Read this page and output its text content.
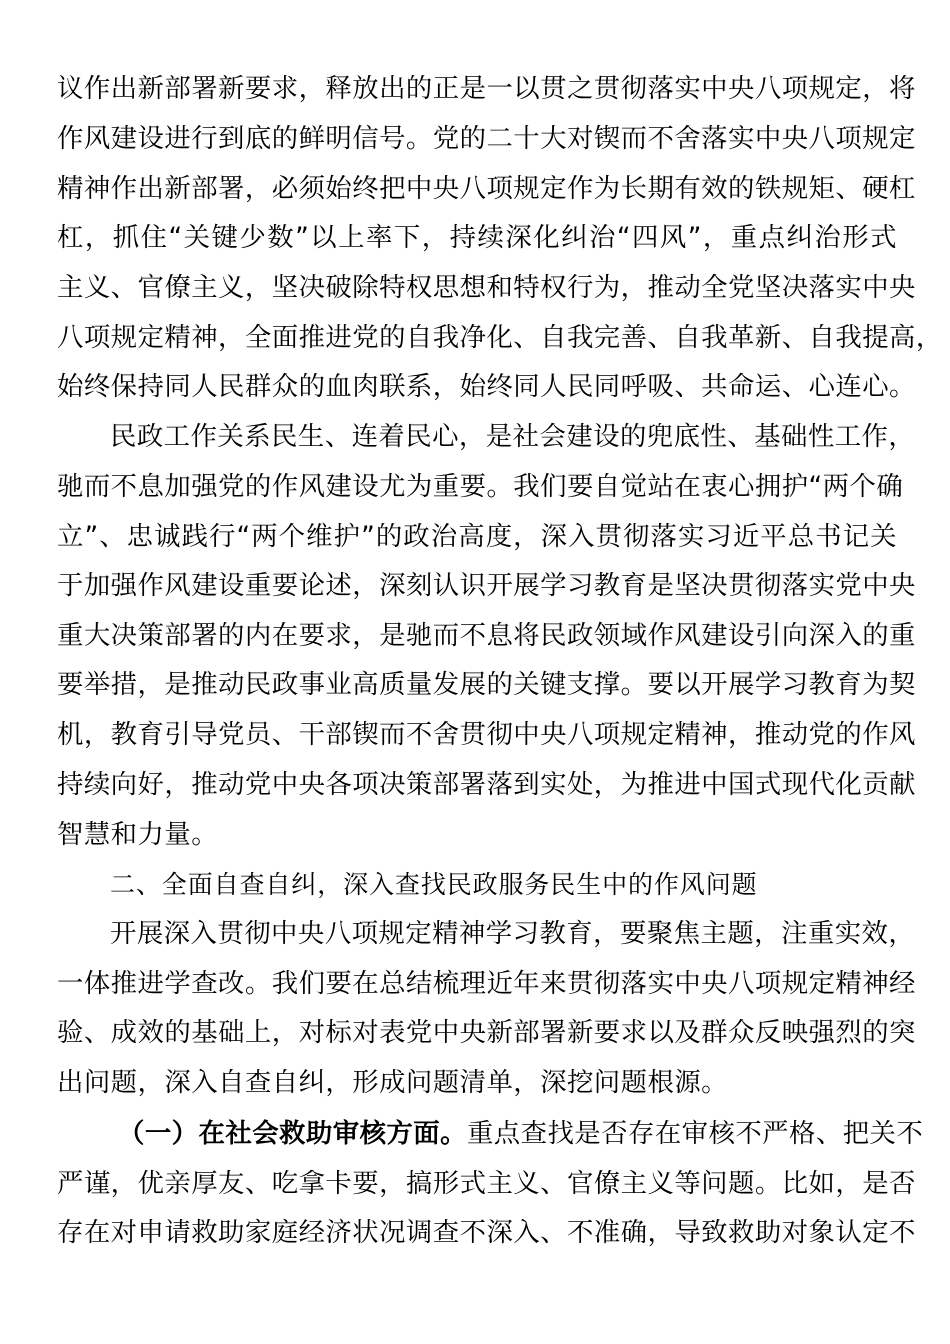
议作出新部署新要求，释放出的正是一以贯之贯彻落实中央八项规定，将
作风建设进行到底的鲜明信号。党的二十大对锲而不舍落实中央八项规定
精神作出新部署，必须始终把中央八项规定作为长期有效的铁规矩、硬杠
杠，抓住“关键少数”以上率下，持续深化纠治“四风”，重点纠治形式
主义、官僚主义，坚决破除特权思想和特权行为，推动全党坚决落实中央
八项规定精神，全面推进党的自我净化、自我完善、自我革新、自我提高，
始终保持同人民群众的血肉联系，始终同人民同呼吸、共命运、心连心。
民政工作关系民生、连着民心，是社会建设的兜底性、基础性工作，
驰而不息加强党的作风建设尤为重要。我们要自觉站在衷心拥护“两个确
立”、忠诚践行“两个维护”的政治高度，深入贯彻落实习近平总书记关
于加强作风建设重要论述，深刻认识开展学习教育是坚决贯彻落实党中央
重大决策部署的内在要求，是驰而不息将民政领域作风建设引向深入的重
要举措，是推动民政事业高质量发展的关键支撑。要以开展学习教育为契
机，教育引导党员、干部锲而不舍贯彻中央八项规定精神，推动党的作风
持续向好，推动党中央各项决策部署落到实处，为推进中国式现代化贡献
智慧和力量。
二、全面自查自纠，深入查找民政服务民生中的作风问题
开展深入贯彻中央八项规定精神学习教育，要聚焦主题，注重实效，
一体推进学查改。我们要在总结梳理近年来贯彻落实中央八项规定精神经
验、成效的基础上，对标对表党中央新部署新要求以及群众反映强烈的突
出问题，深入自查自纠，形成问题清单，深挖问题根源。
（一）在社会救助审核方面。重点查找是否存在审核不严格、把关不
严谨，优亲厚友、吃拿卡要，搞形式主义、官僚主义等问题。比如，是否
存在对申请救助家庭经济状况调查不深入、不准确，导致救助对象认定不
